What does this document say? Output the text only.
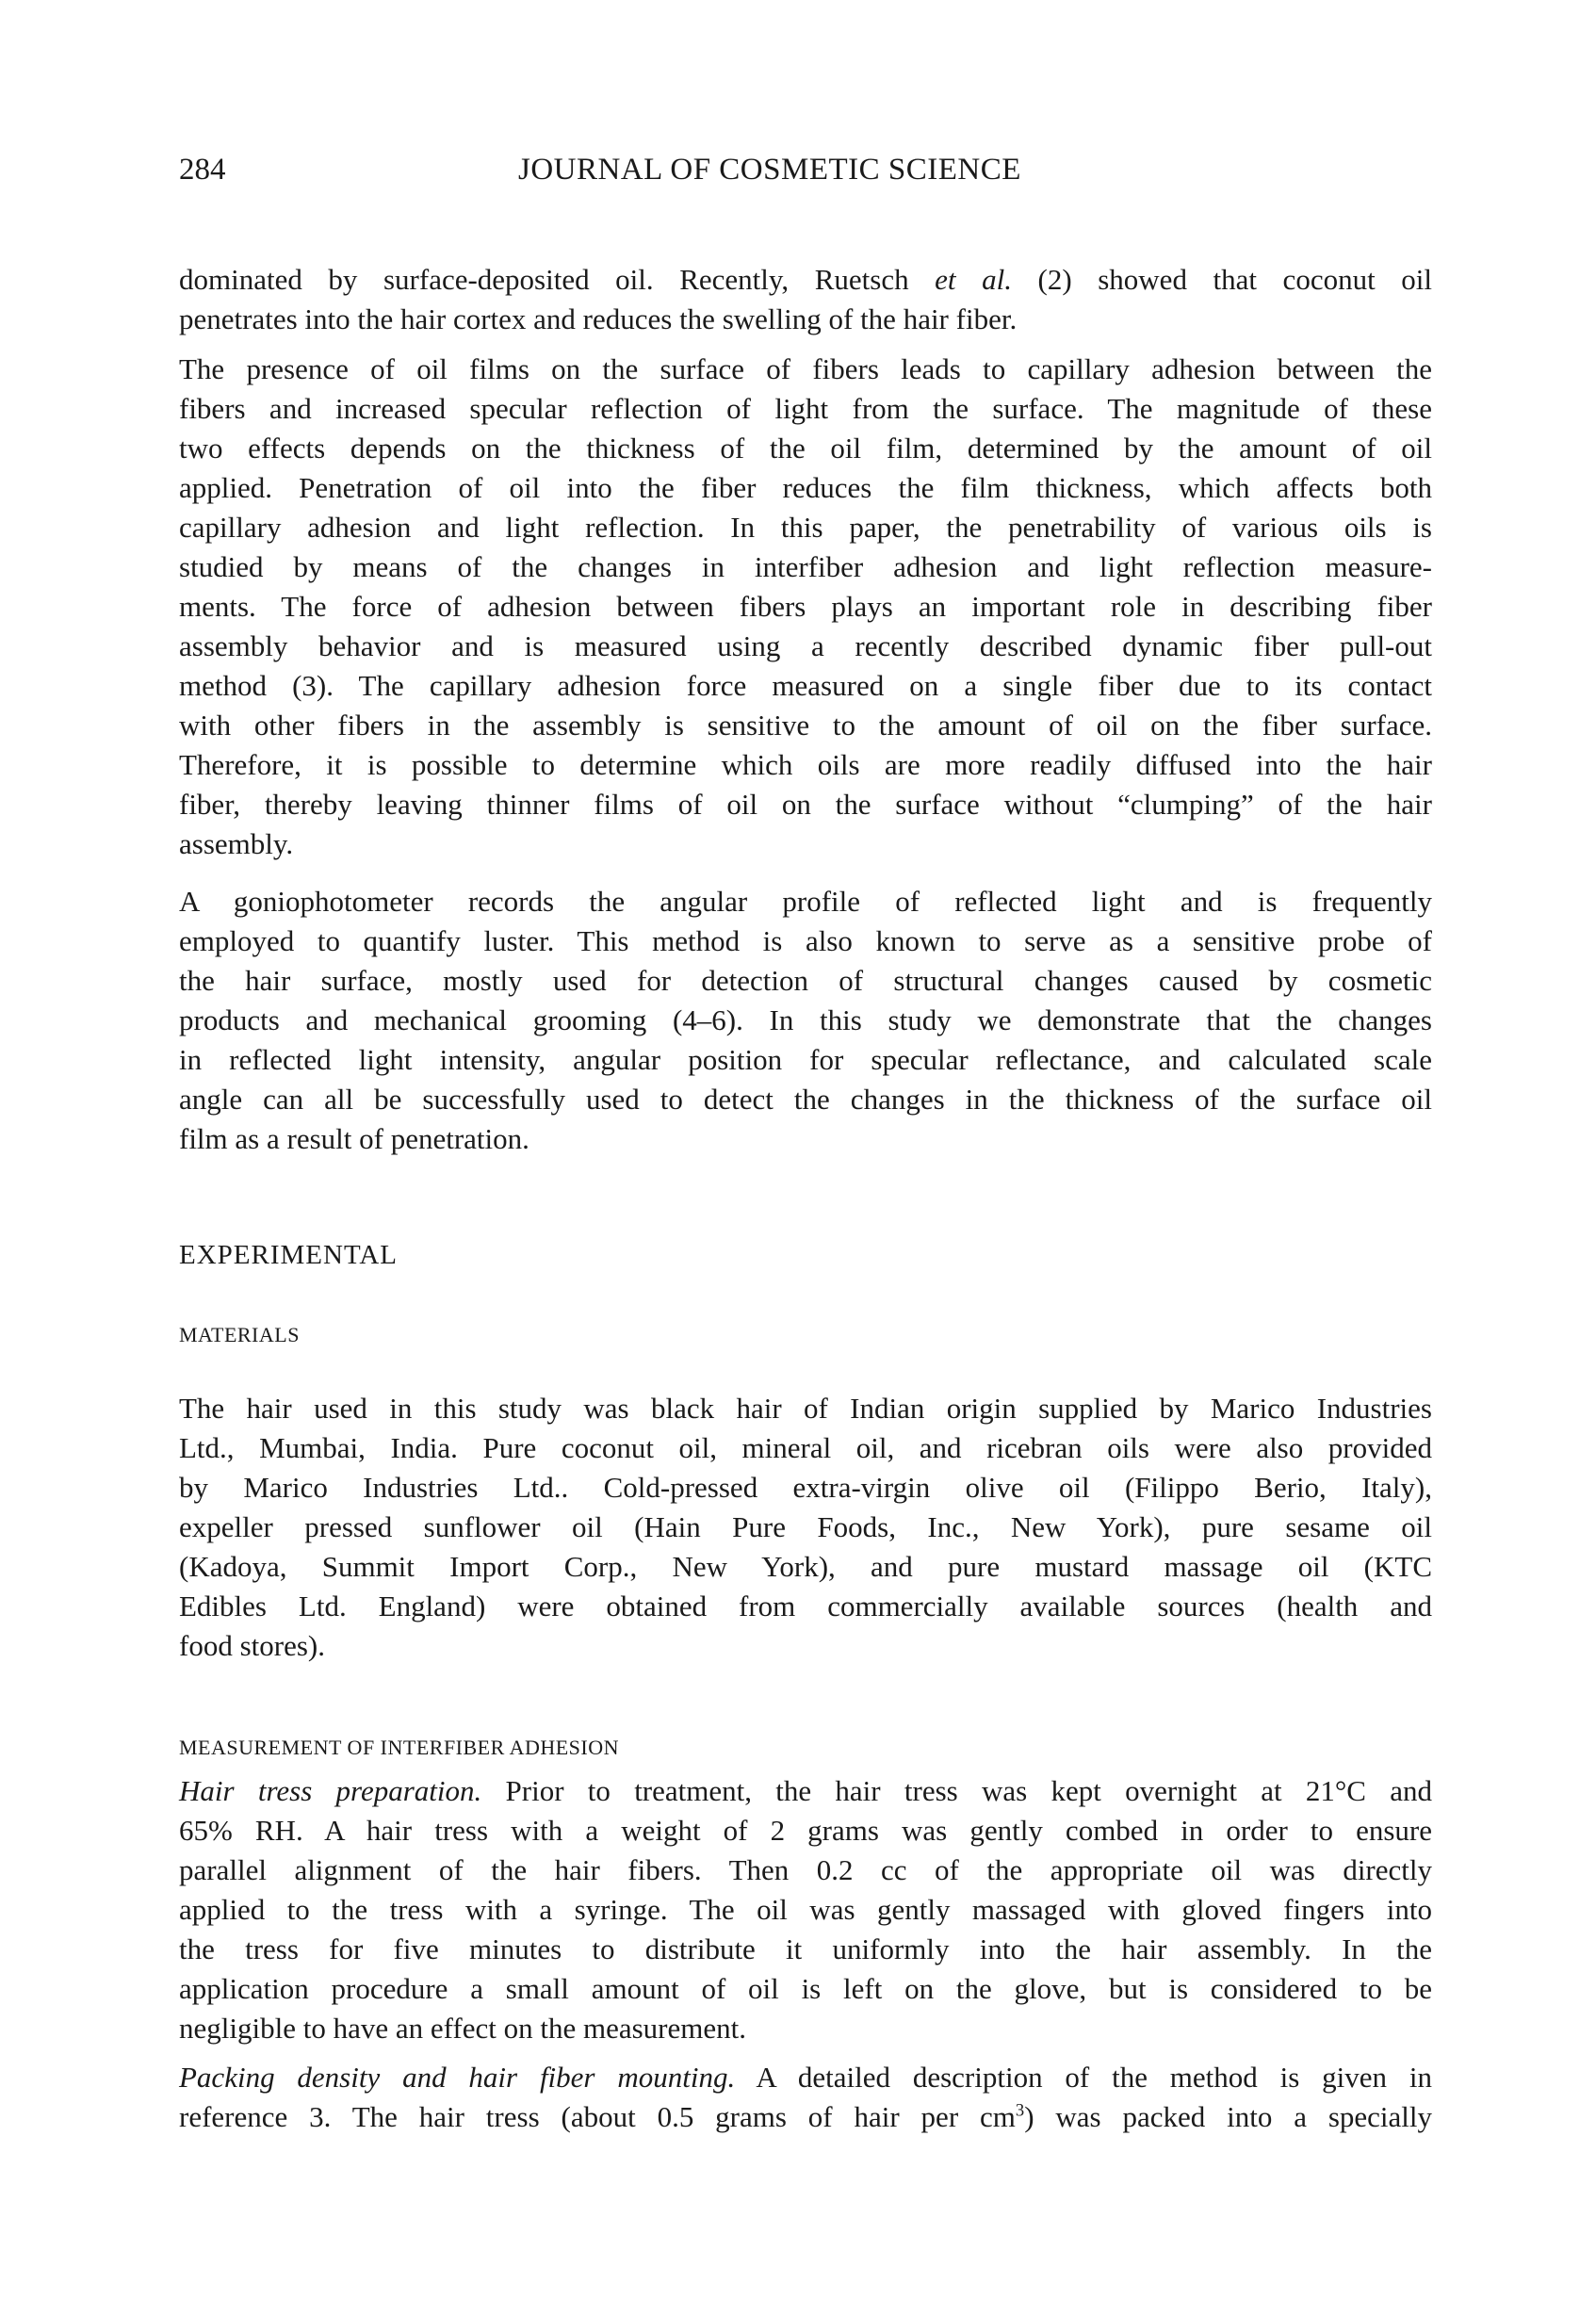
284	JOURNAL OF COSMETIC SCIENCE
dominated by surface-deposited oil. Recently, Ruetsch et al. (2) showed that coconut oil
penetrates into the hair cortex and reduces the swelling of the hair fiber.
The presence of oil films on the surface of fibers leads to capillary adhesion between the
fibers and increased specular reflection of light from the surface. The magnitude of these
two effects depends on the thickness of the oil film, determined by the amount of oil
applied. Penetration of oil into the fiber reduces the film thickness, which affects both
capillary adhesion and light reflection. In this paper, the penetrability of various oils is
studied by means of the changes in interfiber adhesion and light reflection measure-
ments. The force of adhesion between fibers plays an important role in describing fiber
assembly behavior and is measured using a recently described dynamic fiber pull-out
method (3). The capillary adhesion force measured on a single fiber due to its contact
with other fibers in the assembly is sensitive to the amount of oil on the fiber surface.
Therefore, it is possible to determine which oils are more readily diffused into the hair
fiber, thereby leaving thinner films of oil on the surface without “clumping” of the hair
assembly.
A goniophotometer records the angular profile of reflected light and is frequently
employed to quantify luster. This method is also known to serve as a sensitive probe of
the hair surface, mostly used for detection of structural changes caused by cosmetic
products and mechanical grooming (4–6). In this study we demonstrate that the changes
in reflected light intensity, angular position for specular reflectance, and calculated scale
angle can all be successfully used to detect the changes in the thickness of the surface oil
film as a result of penetration.
EXPERIMENTAL
MATERIALS
The hair used in this study was black hair of Indian origin supplied by Marico Industries
Ltd., Mumbai, India. Pure coconut oil, mineral oil, and ricebran oils were also provided
by Marico Industries Ltd.. Cold-pressed extra-virgin olive oil (Filippo Berio, Italy),
expeller pressed sunflower oil (Hain Pure Foods, Inc., New York), pure sesame oil
(Kadoya, Summit Import Corp., New York), and pure mustard massage oil (KTC
Edibles Ltd. England) were obtained from commercially available sources (health and
food stores).
MEASUREMENT OF INTERFIBER ADHESION
Hair tress preparation. Prior to treatment, the hair tress was kept overnight at 21°C and
65% RH. A hair tress with a weight of 2 grams was gently combed in order to ensure
parallel alignment of the hair fibers. Then 0.2 cc of the appropriate oil was directly
applied to the tress with a syringe. The oil was gently massaged with gloved fingers into
the tress for five minutes to distribute it uniformly into the hair assembly. In the
application procedure a small amount of oil is left on the glove, but is considered to be
negligible to have an effect on the measurement.
Packing density and hair fiber mounting. A detailed description of the method is given in
reference 3. The hair tress (about 0.5 grams of hair per $cm^3$) was packed into a specially
